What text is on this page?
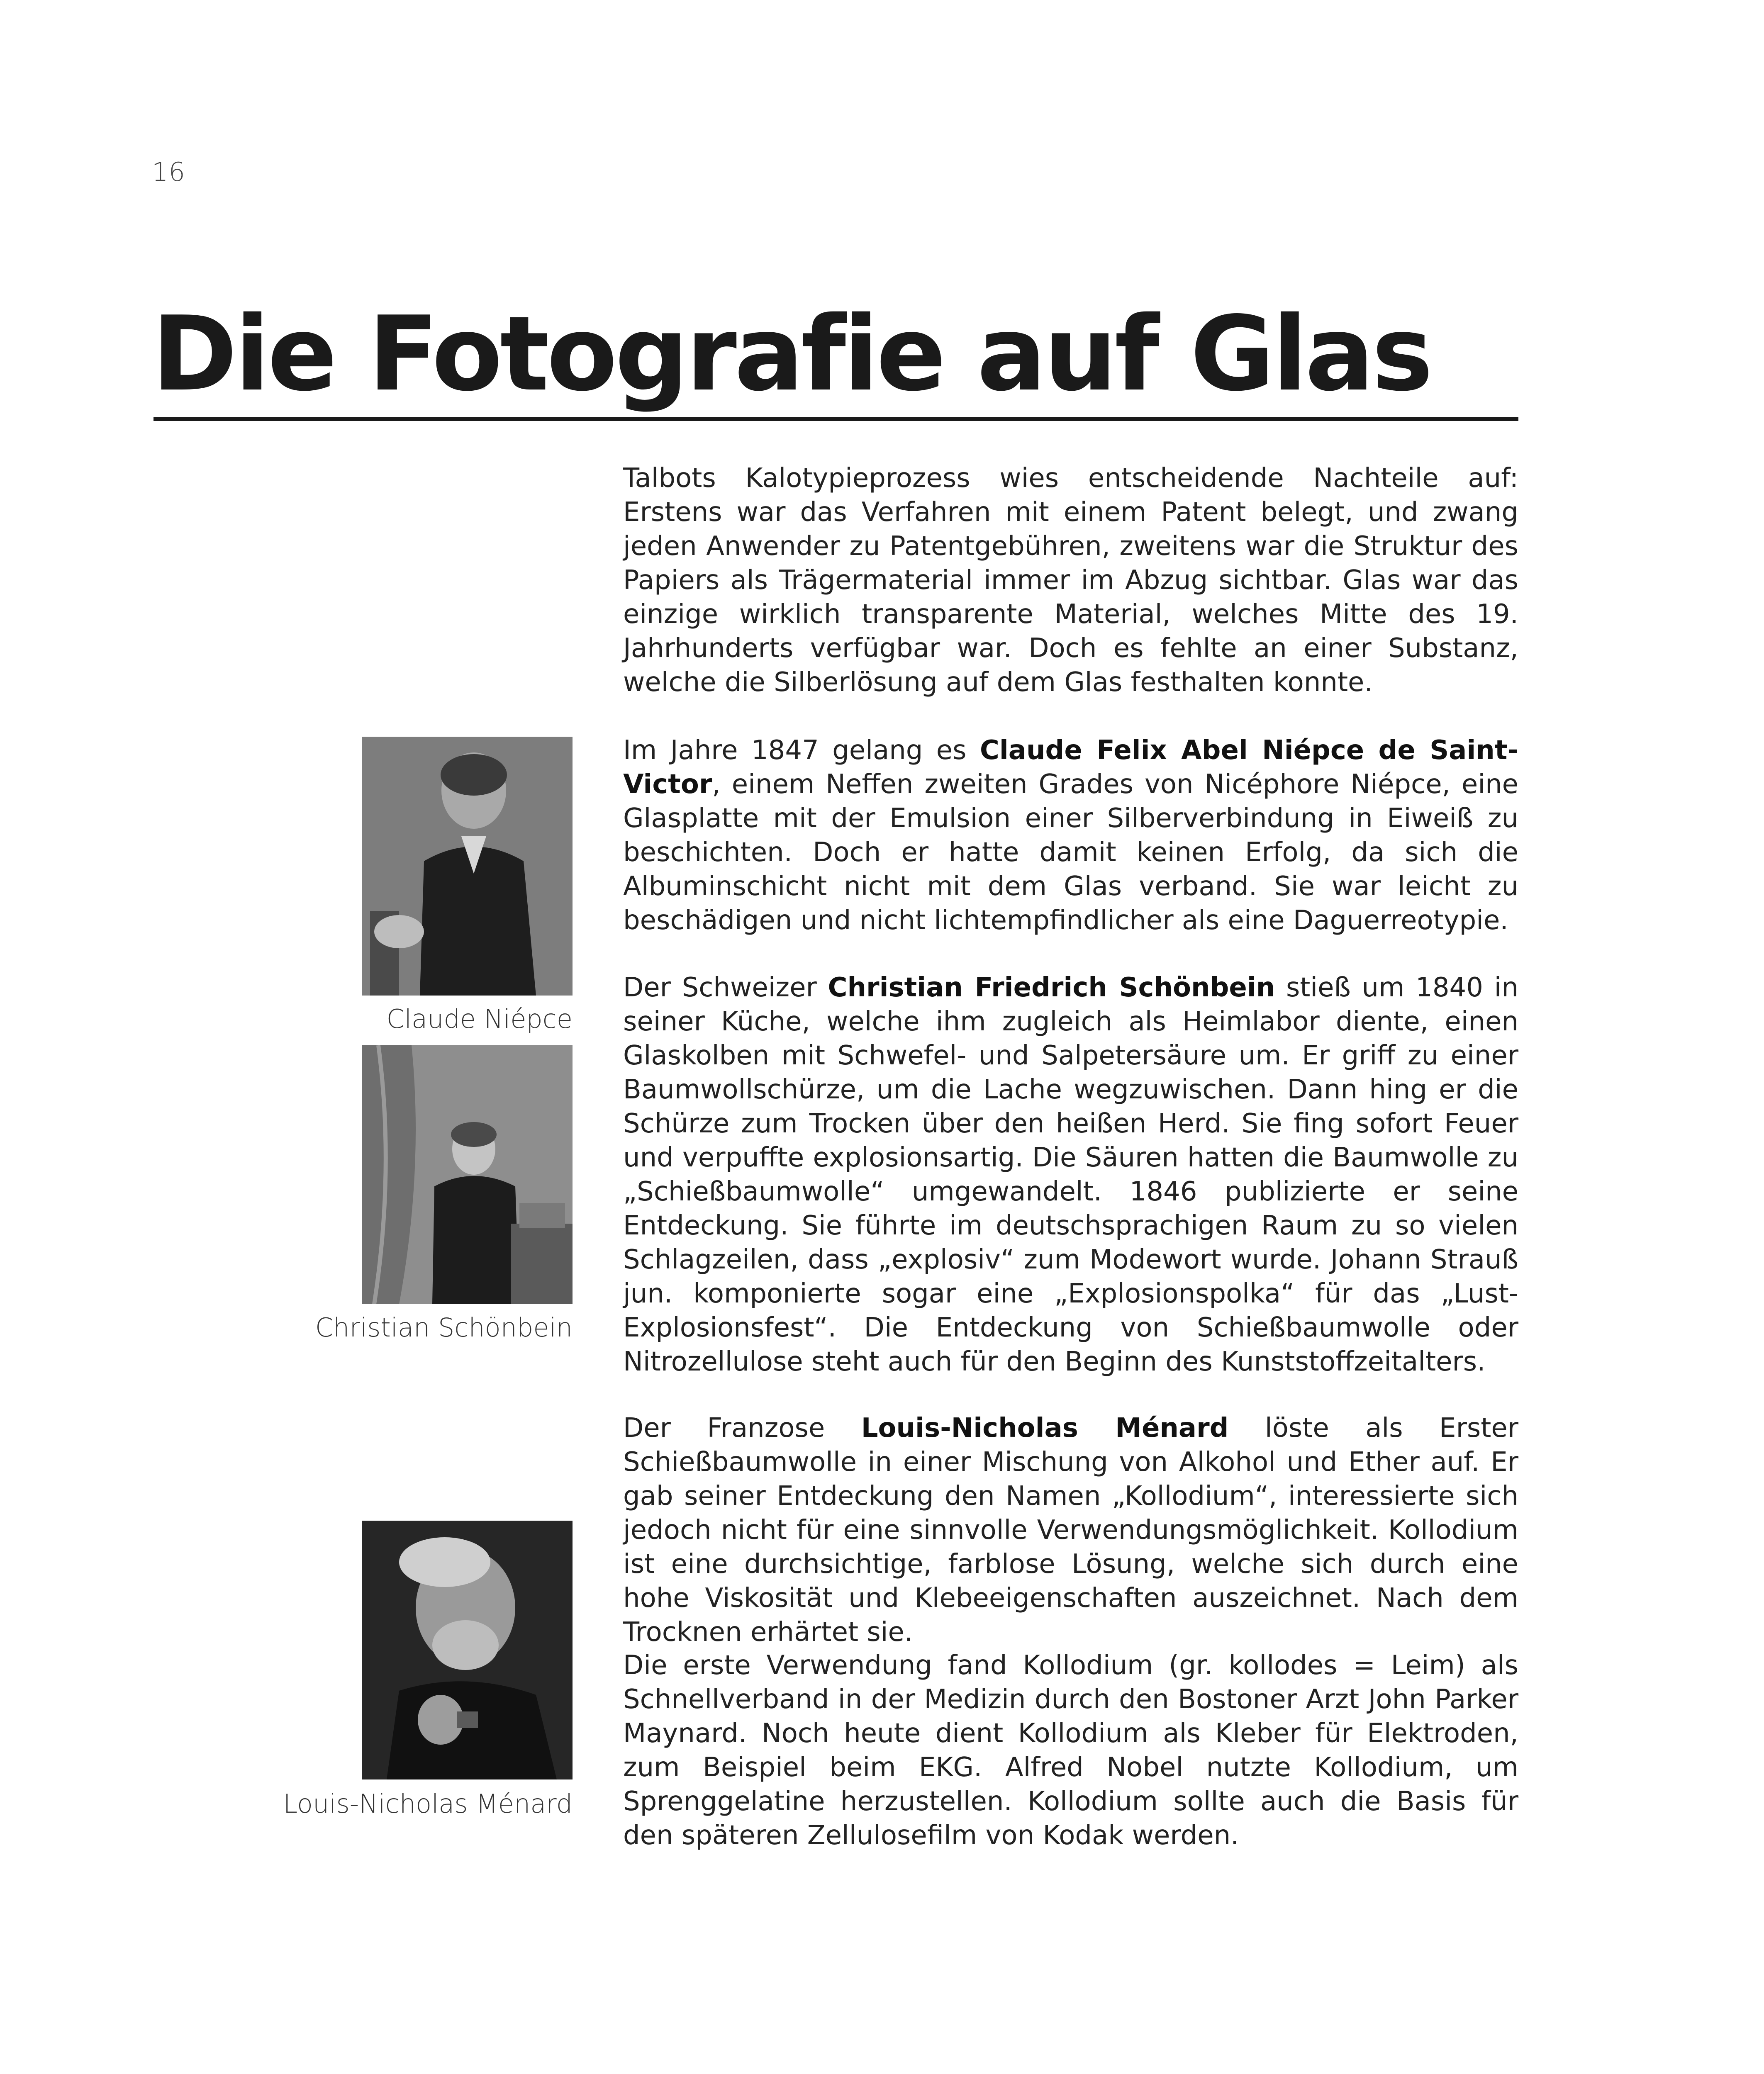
16
Die Fotografie auf Glas
Claude Niépce
Christian Schönbein
Louis-Nicholas Ménard

Talbots Kalotypieprozess wies entscheidende Nachteile auf: Erstens war das Verfahren mit einem Patent belegt, und zwang jeden Anwender zu Patentgebühren, zweitens war die Struktur des Papiers als Trägermaterial immer im Abzug sichtbar. Glas war das einzige wirklich transparente Material, welches Mitte des 19. Jahrhunderts verfügbar war. Doch es fehlte an einer Substanz, welche die Silberlösung auf dem Glas festhalten konnte.

Im Jahre 1847 gelang es Claude Felix Abel Niépce de Saint-Victor, einem Neffen zweiten Grades von Nicéphore Niépce, eine Glasplatte mit der Emulsion einer Silberverbindung in Eiweiß zu beschichten. Doch er hatte damit keinen Erfolg, da sich die Albuminschicht nicht mit dem Glas verband. Sie war leicht zu beschädigen und nicht lichtempfindlicher als eine Daguerreotypie.

Der Schweizer Christian Friedrich Schönbein stieß um 1840 in seiner Küche, welche ihm zugleich als Heimlabor diente, einen Glaskolben mit Schwefel- und Salpetersäure um. Er griff zu einer Baumwollschürze, um die Lache wegzuwischen. Dann hing er die Schürze zum Trocken über den heißen Herd. Sie fing sofort Feuer und verpuffte explosionsartig. Die Säuren hatten die Baumwolle zu „Schießbaumwolle“ umgewandelt. 1846 publizierte er seine Entdeckung. Sie führte im deutschsprachigen Raum zu so vielen Schlagzeilen, dass „explosiv“ zum Modewort wurde. Johann Strauß jun. komponierte sogar eine „Explosionspolka“ für das „Lust-Explosionsfest“. Die Entdeckung von Schießbaumwolle oder Nitrozellulose steht auch für den Beginn des Kunststoffzeitalters.

Der Franzose Louis-Nicholas Ménard löste als Erster Schießbaumwolle in einer Mischung von Alkohol und Ether auf. Er gab seiner Entdeckung den Namen „Kollodium“, interessierte sich jedoch nicht für eine sinnvolle Verwendungsmöglichkeit. Kollodium ist eine durchsichtige, farblose Lösung, welche sich durch eine hohe Viskosität und Klebeeigenschaften auszeichnet. Nach dem Trocknen erhärtet sie.

Die erste Verwendung fand Kollodium (gr. kollodes = Leim) als Schnellverband in der Medizin durch den Bostoner Arzt John Parker Maynard. Noch heute dient Kollodium als Kleber für Elektroden, zum Beispiel beim EKG. Alfred Nobel nutzte Kollodium, um Sprenggelatine herzustellen. Kollodium sollte auch die Basis für den späteren Zellulosefilm von Kodak werden.
